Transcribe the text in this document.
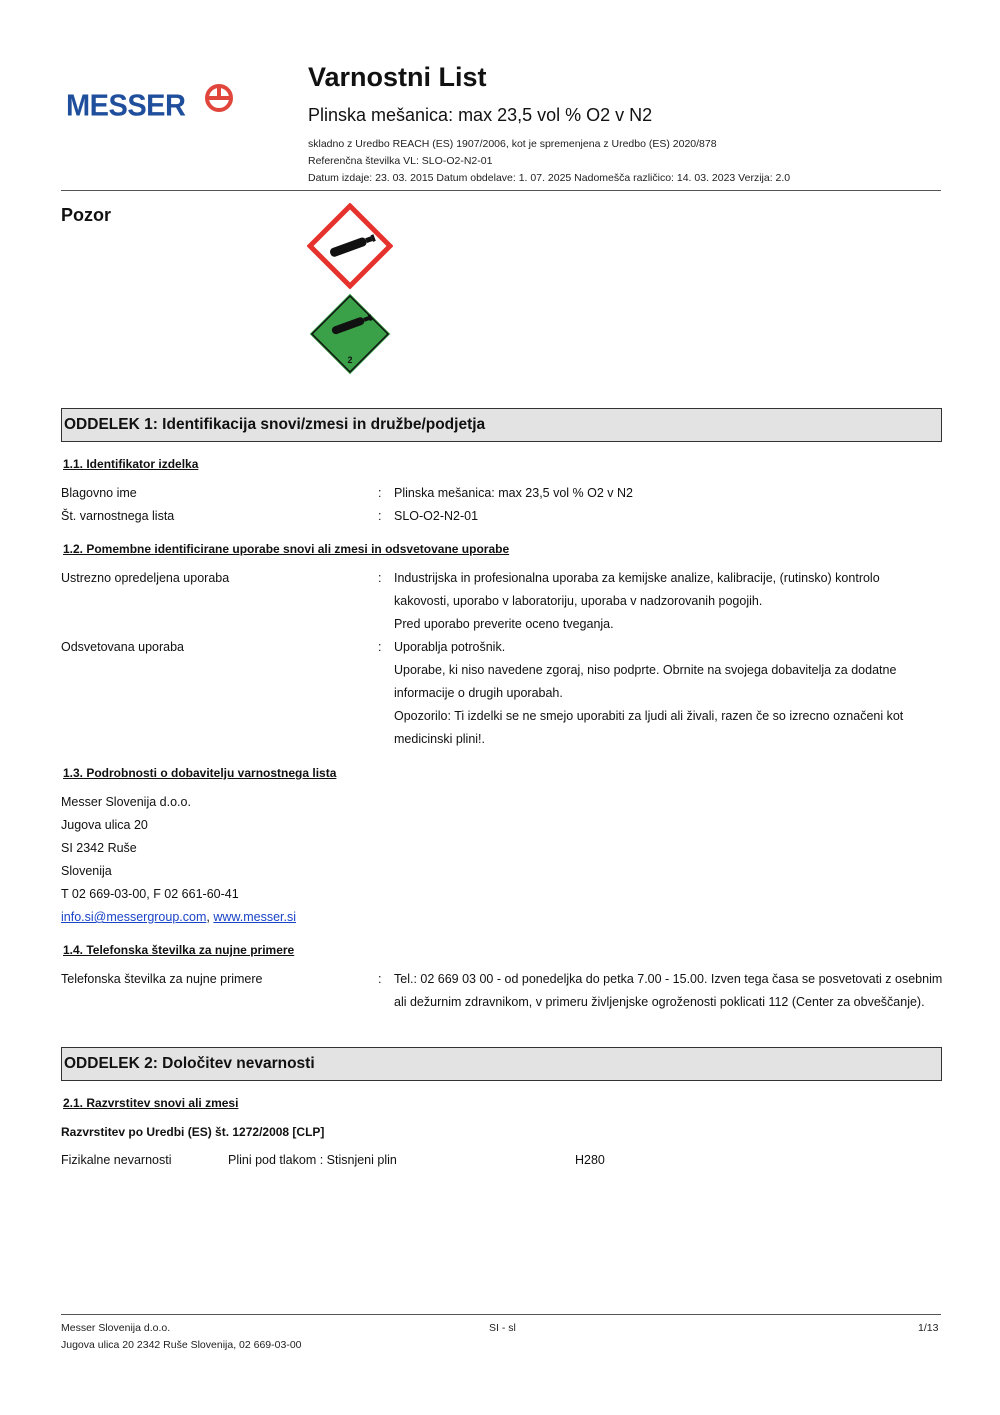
MESSER
Varnostni List
Plinska mešanica: max 23,5 vol % O2 v N2
skladno z Uredbo REACH (ES) 1907/2006, kot je spremenjena z Uredbo (ES) 2020/878
Referenčna številka VL: SLO-O2-N2-01
Datum izdaje: 23. 03. 2015 Datum obdelave: 1. 07. 2025 Nadomešča različico: 14. 03. 2023 Verzija: 2.0
Pozor
2
ODDELEK 1: Identifikacija snovi/zmesi in družbe/podjetja
1.1. Identifikator izdelka
Blagovno ime	: Plinska mešanica: max 23,5 vol % O2 v N2
Št. varnostnega lista	: SLO-O2-N2-01
1.2. Pomembne identificirane uporabe snovi ali zmesi in odsvetovane uporabe
Ustrezno opredeljena uporaba	: Industrijska in profesionalna uporaba za kemijske analize, kalibracije, (rutinsko) kontrolo
kakovosti, uporabo v laboratoriju, uporaba v nadzorovanih pogojih.
Pred uporabo preverite oceno tveganja.
Odsvetovana uporaba	: Uporablja potrošnik.
Uporabe, ki niso navedene zgoraj, niso podprte. Obrnite na svojega dobavitelja za dodatne
informacije o drugih uporabah.
Opozorilo: Ti izdelki se ne smejo uporabiti za ljudi ali živali, razen če so izrecno označeni kot
medicinski plini!.
1.3. Podrobnosti o dobavitelju varnostnega lista
Messer Slovenija d.o.o.
Jugova ulica 20
SI 2342 Ruše
Slovenija
T 02 669-03-00, F 02 661-60-41
info.si@messergroup.com, www.messer.si
1.4. Telefonska številka za nujne primere
Telefonska številka za nujne primere	: Tel.: 02 669 03 00 - od ponedeljka do petka 7.00 - 15.00. Izven tega časa se posvetovati z osebnim
ali dežurnim zdravnikom, v primeru življenjske ogroženosti poklicati 112 (Center za obveščanje).
ODDELEK 2: Določitev nevarnosti
2.1. Razvrstitev snovi ali zmesi
Razvrstitev po Uredbi (ES) št. 1272/2008 [CLP]
Fizikalne nevarnosti	Plini pod tlakom : Stisnjeni plin	H280
Messer Slovenija d.o.o.
Jugova ulica 20 2342 Ruše Slovenija, 02 669-03-00
SI - sl	1/13
